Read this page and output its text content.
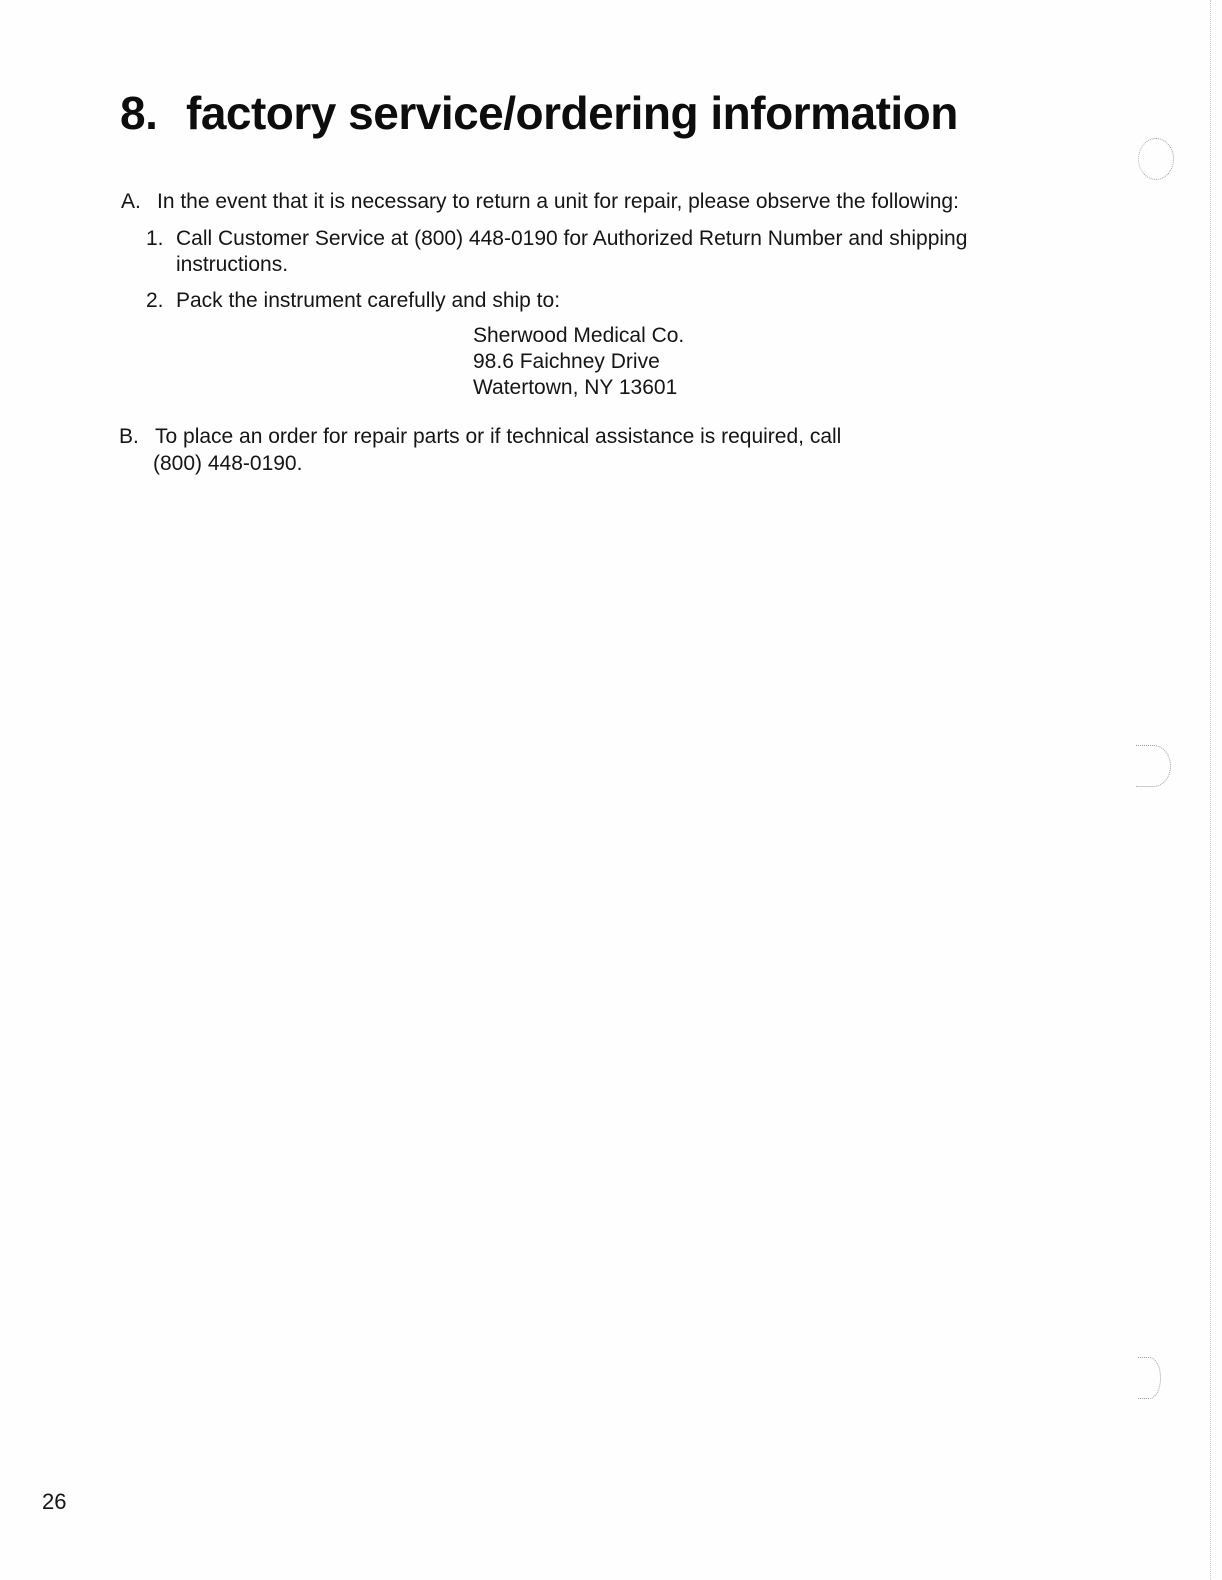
8. factory service/ordering information
A. In the event that it is necessary to return a unit for repair, please observe the following:
1. Call Customer Service at (800) 448-0190 for Authorized Return Number and shipping
instructions.
2. Pack the instrument carefully and ship to:
Sherwood Medical Co.
98.6 Faichney Drive
Watertown, NY 13601
B. To place an order for repair parts or if technical assistance is required, call
(800) 448-0190.
26
